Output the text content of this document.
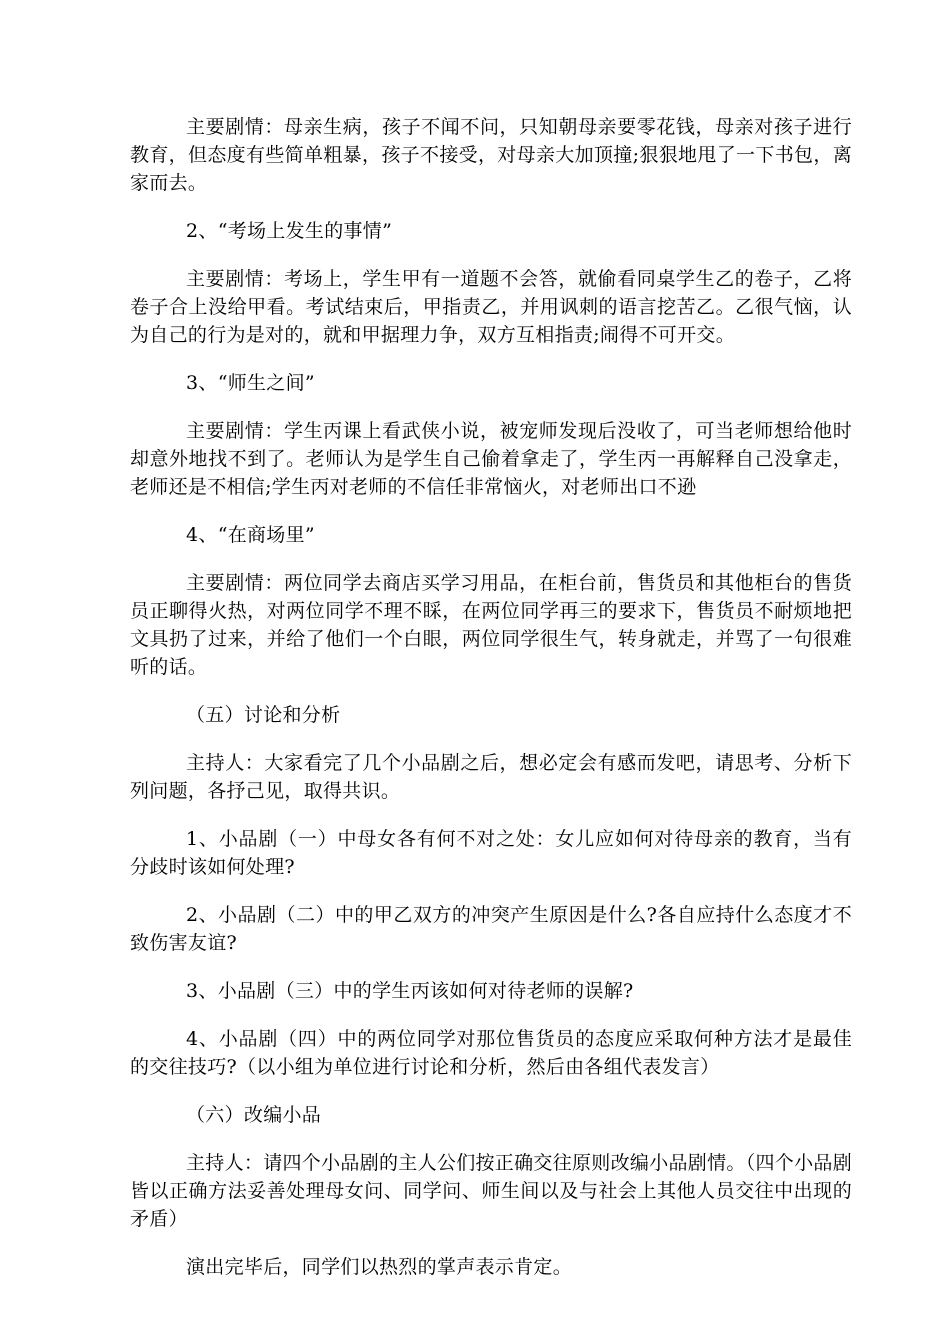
主要剧情：母亲生病，孩子不闻不问，只知朝母亲要零花钱，母亲对孩子进行教育，但态度有些简单粗暴，孩子不接受，对母亲大加顶撞;狠狠地甩了一下书包，离家而去。

2、“考场上发生的事情”

主要剧情：考场上，学生甲有一道题不会答，就偷看同桌学生乙的卷子，乙将卷子合上没给甲看。考试结束后，甲指责乙，并用讽刺的语言挖苦乙。乙很气恼，认为自己的行为是对的，就和甲据理力争，双方互相指责;闹得不可开交。

3、“师生之间”

主要剧情：学生丙课上看武侠小说，被宠师发现后没收了，可当老师想给他时却意外地找不到了。老师认为是学生自己偷着拿走了，学生丙一再解释自己没拿走，老师还是不相信;学生丙对老师的不信任非常恼火，对老师出口不逊

4、“在商场里”

主要剧情：两位同学去商店买学习用品，在柜台前，售货员和其他柜台的售货员正聊得火热，对两位同学不理不睬，在两位同学再三的要求下，售货员不耐烦地把文具扔了过来，并给了他们一个白眼，两位同学很生气，转身就走，并骂了一句很难听的话。

（五）讨论和分析

主持人：大家看完了几个小品剧之后，想必定会有感而发吧，请思考、分析下列问题，各抒己见，取得共识。

1、小品剧（一）中母女各有何不对之处：女儿应如何对待母亲的教育，当有分歧时该如何处理?

2、小品剧（二）中的甲乙双方的冲突产生原因是什么?各自应持什么态度才不致伤害友谊?

3、小品剧（三）中的学生丙该如何对待老师的误解?

4、小品剧（四）中的两位同学对那位售货员的态度应采取何种方法才是最佳的交往技巧?（以小组为单位进行讨论和分析，然后由各组代表发言）

（六）改编小品

主持人：请四个小品剧的主人公们按正确交往原则改编小品剧情。（四个小品剧皆以正确方法妥善处理母女问、同学问、师生间以及与社会上其他人员交往中出现的矛盾）

演出完毕后，同学们以热烈的掌声表示肯定。
